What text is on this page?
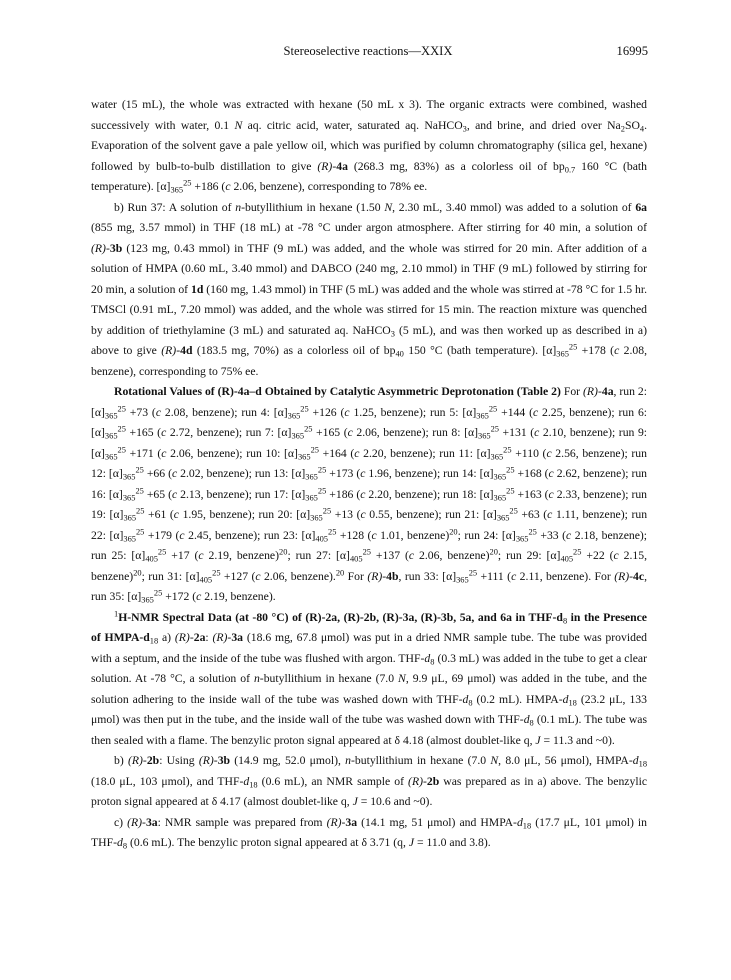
Stereoselective reactions—XXIX	16995

water (15 mL), the whole was extracted with hexane (50 mL x 3). The organic extracts were combined, washed successively with water, 0.1 N aq. citric acid, water, saturated aq. NaHCO$_3$, and brine, and dried over $Na_2SO_4$. Evaporation of the solvent gave a pale yellow oil, which was purified by column chromatography (silica gel, hexane) followed by bulb-to-bulb distillation to give (R)-4a (268.3 mg, 83%) as a colorless oil of $bp_{0.7}$ 160 °C (bath temperature). $[\alpha]_{365}^{25} +186$ (c 2.06, benzene), corresponding to 78% ee.

b) Run 37: A solution of n-butyllithium in hexane (1.50 N, 2.30 mL, 3.40 mmol) was added to a solution of 6a (855 mg, 3.57 mmol) in THF (18 mL) at -78 °C under argon atmosphere. After stirring for 40 min, a solution of (R)-3b (123 mg, 0.43 mmol) in THF (9 mL) was added, and the whole was stirred for 20 min. After addition of a solution of HMPA (0.60 mL, 3.40 mmol) and DABCO (240 mg, 2.10 mmol) in THF (9 mL) followed by stirring for 20 min, a solution of 1d (160 mg, 1.43 mmol) in THF (5 mL) was added and the whole was stirred at -78 °C for 1.5 hr. TMSCl (0.91 mL, 7.20 mmol) was added, and the whole was stirred for 15 min. The reaction mixture was quenched by addition of triethylamine (3 mL) and saturated aq. NaHCO$_3$ (5 mL), and was then worked up as described in a) above to give (R)-4d (183.5 mg, 70%) as a colorless oil of $bp_{40}$ 150 °C (bath temperature). $[\alpha]_{365}^{25} +178$ (c 2.08, benzene), corresponding to 75% ee.

Rotational Values of (R)-4a–d Obtained by Catalytic Asymmetric Deprotonation (Table 2) For (R)-4a, run 2: $[\alpha]_{365}^{25} +73$ (c 2.08, benzene); run 4: $[\alpha]_{365}^{25} +126$ (c 1.25, benzene); run 5: $[\alpha]_{365}^{25} +144$ (c 2.25, benzene); run 6: $[\alpha]_{365}^{25} +165$ (c 2.72, benzene); run 7: $[\alpha]_{365}^{25} +165$ (c 2.06, benzene); run 8: $[\alpha]_{365}^{25} +131$ (c 2.10, benzene); run 9: $[\alpha]_{365}^{25} +171$ (c 2.06, benzene); run 10: $[\alpha]_{365}^{25} +164$ (c 2.20, benzene); run 11: $[\alpha]_{365}^{25} +110$ (c 2.56, benzene); run 12: $[\alpha]_{365}^{25} +66$ (c 2.02, benzene); run 13: $[\alpha]_{365}^{25} +173$ (c 1.96, benzene); run 14: $[\alpha]_{365}^{25} +168$ (c 2.62, benzene); run 16: $[\alpha]_{365}^{25} +65$ (c 2.13, benzene); run 17: $[\alpha]_{365}^{25} +186$ (c 2.20, benzene); run 18: $[\alpha]_{365}^{25} +163$ (c 2.33, benzene); run 19: $[\alpha]_{365}^{25} +61$ (c 1.95, benzene); run 20: $[\alpha]_{365}^{25} +13$ (c 0.55, benzene); run 21: $[\alpha]_{365}^{25} +63$ (c 1.11, benzene); run 22: $[\alpha]_{365}^{25} +179$ (c 2.45, benzene); run 23: $[\alpha]_{405}^{25} +128$ (c 1.01, benzene)$^{20}$; run 24: $[\alpha]_{365}^{25} +33$ (c 2.18, benzene); run 25: $[\alpha]_{405}^{25} +17$ (c 2.19, benzene)$^{20}$; run 27: $[\alpha]_{405}^{25} +137$ (c 2.06, benzene)$^{20}$; run 29: $[\alpha]_{405}^{25} +22$ (c 2.15, benzene)$^{20}$; run 31: $[\alpha]_{405}^{25} +127$ (c 2.06, benzene).$^{20}$ For (R)-4b, run 33: $[\alpha]_{365}^{25} +111$ (c 2.11, benzene). For (R)-4c, run 35: $[\alpha]_{365}^{25} +172$ (c 2.19, benzene).

$^1$H-NMR Spectral Data (at -80 °C) of (R)-2a, (R)-2b, (R)-3a, (R)-3b, 5a, and 6a in THF-$d_8$ in the Presence of HMPA-$d_{18}$ a) (R)-2a: (R)-3a (18.6 mg, 67.8 μmol) was put in a dried NMR sample tube. The tube was provided with a septum, and the inside of the tube was flushed with argon. THF-$d_8$ (0.3 mL) was added in the tube to get a clear solution. At -78 °C, a solution of n-butyllithium in hexane (7.0 N, 9.9 μL, 69 μmol) was added in the tube, and the solution adhering to the inside wall of the tube was washed down with THF-$d_8$ (0.2 mL). HMPA-$d_{18}$ (23.2 μL, 133 μmol) was then put in the tube, and the inside wall of the tube was washed down with THF-$d_8$ (0.1 mL). The tube was then sealed with a flame. The benzylic proton signal appeared at δ 4.18 (almost doublet-like q, J = 11.3 and ~0).

b) (R)-2b: Using (R)-3b (14.9 mg, 52.0 μmol), n-butyllithium in hexane (7.0 N, 8.0 μL, 56 μmol), HMPA-$d_{18}$ (18.0 μL, 103 μmol), and THF-$d_{18}$ (0.6 mL), an NMR sample of (R)-2b was prepared as in a) above. The benzylic proton signal appeared at δ 4.17 (almost doublet-like q, J = 10.6 and ~0).

c) (R)-3a: NMR sample was prepared from (R)-3a (14.1 mg, 51 μmol) and HMPA-$d_{18}$ (17.7 μL, 101 μmol) in THF-$d_8$ (0.6 mL). The benzylic proton signal appeared at δ 3.71 (q, J = 11.0 and 3.8).
